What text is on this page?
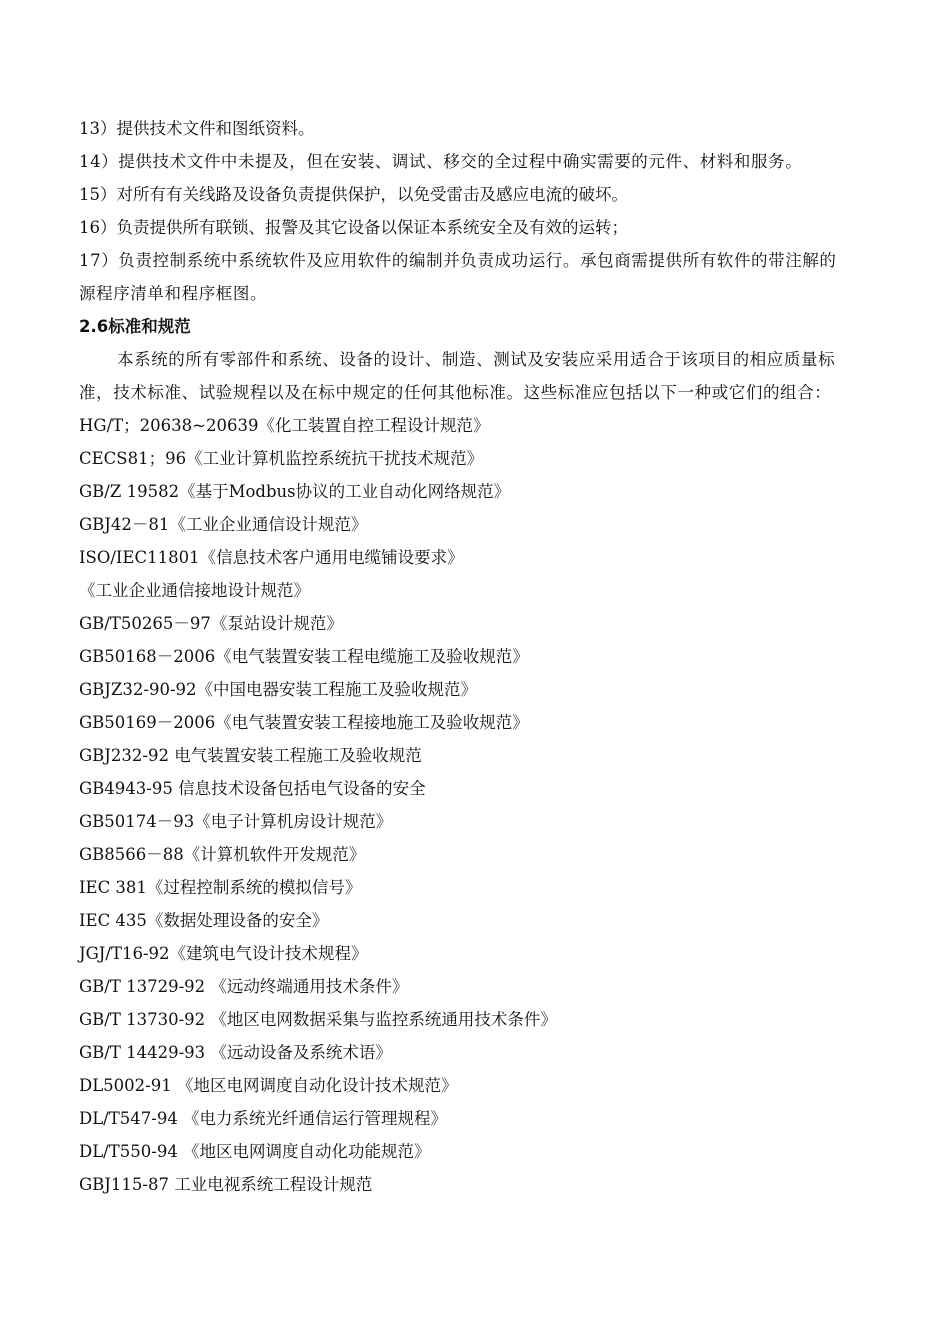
13）提供技术文件和图纸资料。
14）提供技术文件中未提及，但在安装、调试、移交的全过程中确实需要的元件、材料和服务。
15）对所有有关线路及设备负责提供保护，以免受雷击及感应电流的破坏。
16）负责提供所有联锁、报警及其它设备以保证本系统安全及有效的运转；
17）负责控制系统中系统软件及应用软件的编制并负责成功运行。承包商需提供所有软件的带注解的源程序清单和程序框图。
2.6标准和规范
本系统的所有零部件和系统、设备的设计、制造、测试及安装应采用适合于该项目的相应质量标准，技术标准、试验规程以及在标中规定的任何其他标准。这些标准应包括以下一种或它们的组合：
HG/T；20638~20639《化工装置自控工程设计规范》
CECS81；96《工业计算机监控系统抗干扰技术规范》
GB/Z 19582《基于Modbus协议的工业自动化网络规范》
GBJ42－81《工业企业通信设计规范》
ISO/IEC11801《信息技术客户通用电缆铺设要求》
《工业企业通信接地设计规范》
GB/T50265－97《泵站设计规范》
GB50168－2006《电气装置安装工程电缆施工及验收规范》
GBJZ32-90-92《中国电器安装工程施工及验收规范》
GB50169－2006《电气装置安装工程接地施工及验收规范》
GBJ232-92 电气装置安装工程施工及验收规范
GB4943-95 信息技术设备包括电气设备的安全
GB50174－93《电子计算机房设计规范》
GB8566－88《计算机软件开发规范》
IEC 381《过程控制系统的模拟信号》
IEC 435《数据处理设备的安全》
JGJ/T16-92《建筑电气设计技术规程》
GB/T 13729-92 《远动终端通用技术条件》
GB/T 13730-92 《地区电网数据采集与监控系统通用技术条件》
GB/T 14429-93 《远动设备及系统术语》
DL5002-91 《地区电网调度自动化设计技术规范》
DL/T547-94 《电力系统光纤通信运行管理规程》
DL/T550-94 《地区电网调度自动化功能规范》
GBJ115-87 工业电视系统工程设计规范
